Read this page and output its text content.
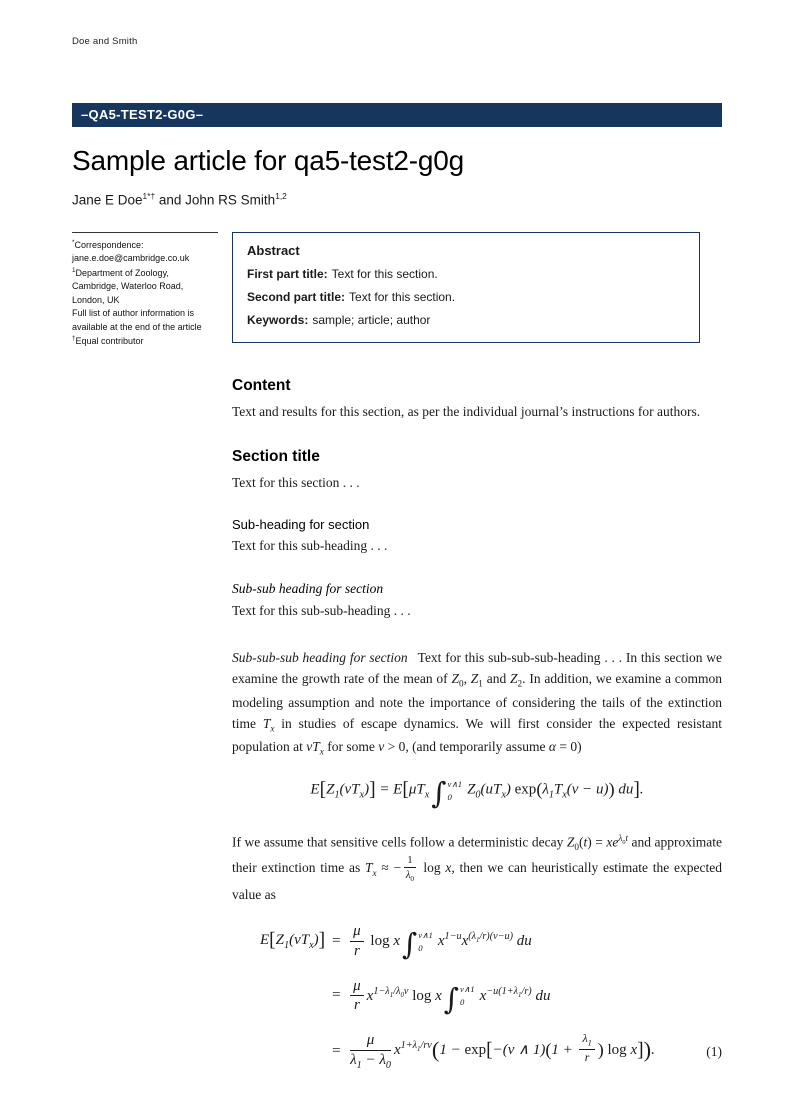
Doe and Smith
–QA5-TEST2-G0G–
Sample article for qa5-test2-g0g
Jane E Doe$^{1*\dagger}$ and John RS Smith$^{1,2}$

*Correspondence:
jane.e.doe@cambridge.co.uk

$^1$Department of Zoology,
Cambridge, Waterloo Road,
London, UK

Full list of author information is
available at the end of the article

†Equal contributor

Abstract

First part title: Text for this section.

Second part title: Text for this section.

Keywords: sample; article; author

Content

Text and results for this section, as per the individual journal’s instructions for authors.

Section title

Text for this section . . .

Sub-heading for section

Text for this sub-heading . . .

Sub-sub heading for section

Text for this sub-sub-heading . . .

Sub-sub-sub heading for section Text for this sub-sub-sub-heading . . . In this section we examine the growth rate of the mean of $Z_0$, $Z_1$ and $Z_2$. In addition, we examine a common modeling assumption and note the importance of considering the tails of the extinction time $T_x$ in studies of escape dynamics. We will first consider the expected resistant population at $vT_x$ for some v > 0, (and temporarily assume α = 0)

$E[Z_1(vT_x)] = E[\mu T_x\int$ v∧1
0	$Z_0(uT_x) \exp(\lambda_1T_x(v - u))$ du].

If we assume that sensitive cells follow a deterministic decay $Z_0(t) = xe^{\lambda_0t}$ and approximate their extinction time as $T_x$ ≈ − $\frac{1}{\lambda_0}$ log x, then we can heuristically estimate the expected value as

$E[Z_1(vT_x)] = \frac{\mu}{r}$ log x∫ v∧1
0	$x^{1-u}x^{(\lambda_1/r)(v-u)}$ du
= $\frac{\mu}{r} x^{1-\lambda_1/\lambda_0v}$ log x∫ v∧1
0	$x^{-u(1+\lambda_1/r)}$ du
= $\frac{\mu}{\lambda_1 - \lambda_0} x^{1+\lambda_1/rv}(1 - \exp[-(v$ ∧ $1)(1 + \frac{\lambda_1}{r}$ ) log x]).	(1)
